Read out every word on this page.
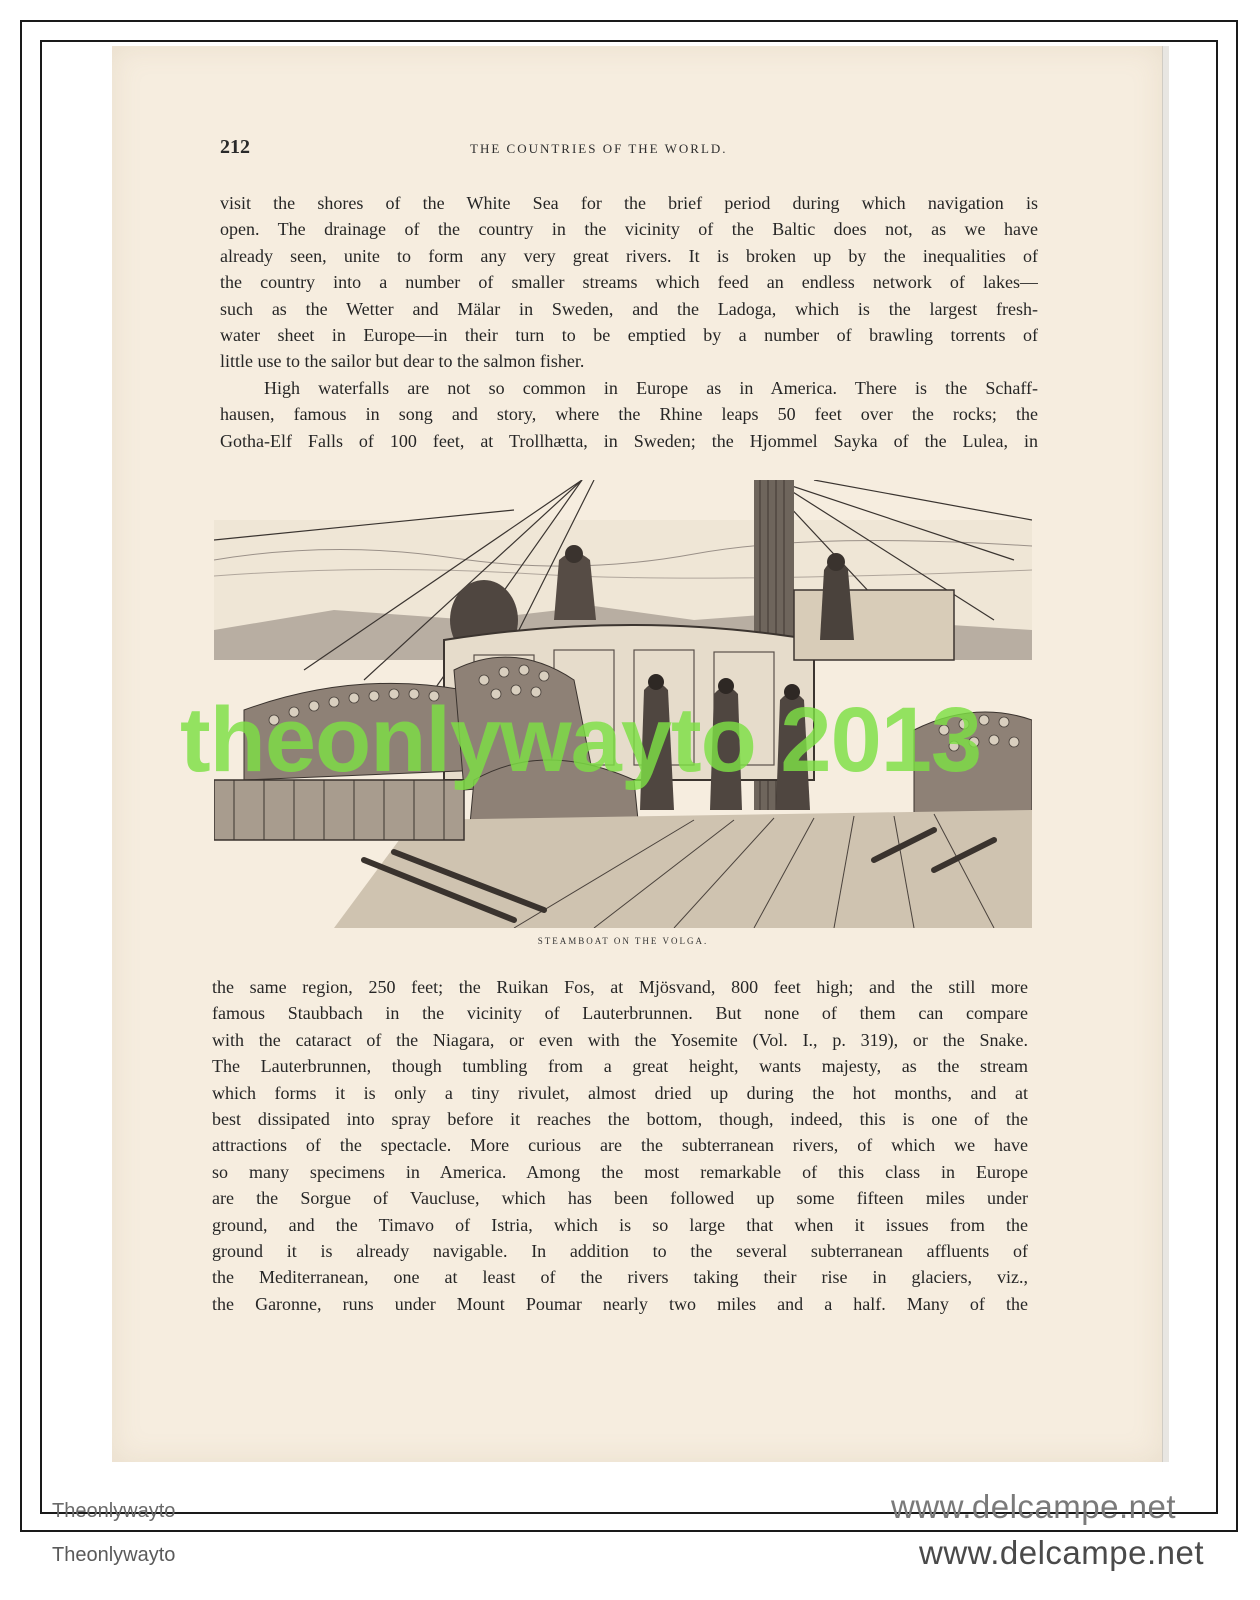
212	THE COUNTRIES OF THE WORLD.
visit the shores of the White Sea for the brief period during which navigation is
open. The drainage of the country in the vicinity of the Baltic does not, as we have
already seen, unite to form any very great rivers. It is broken up by the inequalities of
the country into a number of smaller streams which feed an endless network of lakes—
such as the Wetter and Mälar in Sweden, and the Ladoga, which is the largest fresh-
water sheet in Europe—in their turn to be emptied by a number of brawling torrents of
little use to the sailor but dear to the salmon fisher.
High waterfalls are not so common in Europe as in America. There is the Schaff-
hausen, famous in song and story, where the Rhine leaps 50 feet over the rocks; the
Gotha-Elf Falls of 100 feet, at Trollhætta, in Sweden; the Hjommel Sayka of the Lulea, in
STEAMBOAT ON THE VOLGA.
theonlywayto 2013
the same region, 250 feet; the Ruikan Fos, at Mjösvand, 800 feet high; and the still more
famous Staubbach in the vicinity of Lauterbrunnen. But none of them can compare
with the cataract of the Niagara, or even with the Yosemite (Vol. I., p. 319), or the Snake.
The Lauterbrunnen, though tumbling from a great height, wants majesty, as the stream
which forms it is only a tiny rivulet, almost dried up during the hot months, and at
best dissipated into spray before it reaches the bottom, though, indeed, this is one of the
attractions of the spectacle. More curious are the subterranean rivers, of which we have
so many specimens in America. Among the most remarkable of this class in Europe
are the Sorgue of Vaucluse, which has been followed up some fifteen miles under
ground, and the Timavo of Istria, which is so large that when it issues from the
ground it is already navigable. In addition to the several subterranean affluents of
the Mediterranean, one at least of the rivers taking their rise in glaciers, viz.,
the Garonne, runs under Mount Poumar nearly two miles and a half. Many of the
Theonlywayto	www.delcampe.net
Theonlywayto	www.delcampe.net
